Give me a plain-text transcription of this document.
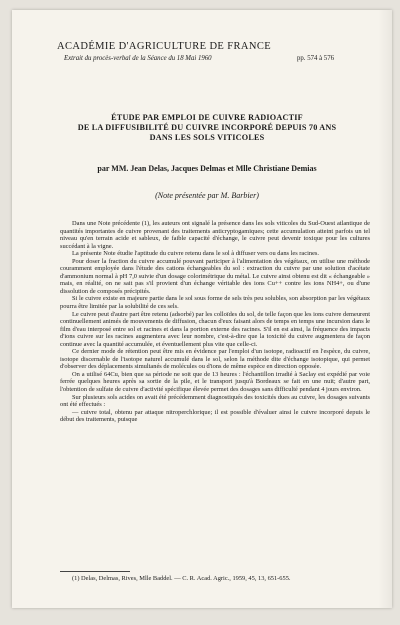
ACADÉMIE D'AGRICULTURE DE FRANCE
Extrait du procès-verbal de la Séance du 18 Mai 1960	pp. 574 à 576
ÉTUDE PAR EMPLOI DE CUIVRE RADIOACTIF
DE LA DIFFUSIBILITÉ DU CUIVRE INCORPORÉ DEPUIS 70 ANS
DANS LES SOLS VITICOLES
par MM. Jean Delas, Jacques Delmas et Mlle Christiane Demias
(Note présentée par M. Barbier)

Dans une Note précédente (1), les auteurs ont signalé la présence dans les sols viticoles du Sud-Ouest atlantique de quantités importantes de cuivre provenant des traitements anticryptogamiques; cette accumulation atteint parfois un tel niveau qu'en terrain acide et sableux, de faible capacité d'échange, le cuivre peut devenir toxique pour les cultures succédant à la vigne.

La présente Note étudie l'aptitude du cuivre retenu dans le sol à diffuser vers ou dans les racines.

Pour doser la fraction du cuivre accumulé pouvant participer à l'alimentation des végétaux, on utilise une méthode couramment employée dans l'étude des cations échangeables du sol : extraction du cuivre par une solution d'acétate d'ammonium normal à pH 7,0 suivie d'un dosage colorimétrique du métal. Le cuivre ainsi obtenu est dit « échangeable » mais, en réalité, on ne sait pas s'il provient d'un échange véritable des ions Cu++ contre les ions NH4+, ou d'une dissolution de composés précipités.

Si le cuivre existe en majeure partie dans le sol sous forme de sels très peu solubles, son absorption par les végétaux pourra être limitée par la solubilité de ces sels.

Le cuivre peut d'autre part être retenu (adsorbé) par les colloïdes du sol, de telle façon que les ions cuivre demeurent continuellement animés de mouvements de diffusion, chacun d'eux faisant alors de temps en temps une incursion dans le film d'eau interposé entre sol et racines et dans la portion externe des racines. S'il en est ainsi, la fréquence des impacts d'ions cuivre sur les racines augmentera avec leur nombre, c'est-à-dire que la toxicité du cuivre augmentera de façon continue avec la quantité accumulée, et éventuellement plus vite que celle-ci.

Ce dernier mode de rétention peut être mis en évidence par l'emploi d'un isotope, radioactif en l'espèce, du cuivre, isotope discernable de l'isotope naturel accumulé dans le sol, selon la méthode dite d'échange isotopique, qui permet d'observer des déplacements simultanés de molécules ou d'ions de même espèce en direction opposée.

On a utilisé 64Cu, bien que sa période ne soit que de 13 heures : l'échantillon irradié à Saclay est expédié par voie ferrée quelques heures après sa sortie de la pile, et le transport jusqu'à Bordeaux se fait en une nuit; d'autre part, l'obtention de sulfate de cuivre d'activité spécifique élevée permet des dosages sans difficulté pendant 4 jours environ.

Sur plusieurs sols acides on avait été précédemment diagnostiqués des toxicités dues au cuivre, les dosages suivants ont été effectués :

— cuivre total, obtenu par attaque nitroperchlorique; il est possible d'évaluer ainsi le cuivre incorporé depuis le début des traitements, puisque

(1) Delas, Delmas, Rives, Mlle Baddel. — C. R. Acad. Agric., 1959, 45, 13, 651-655.
